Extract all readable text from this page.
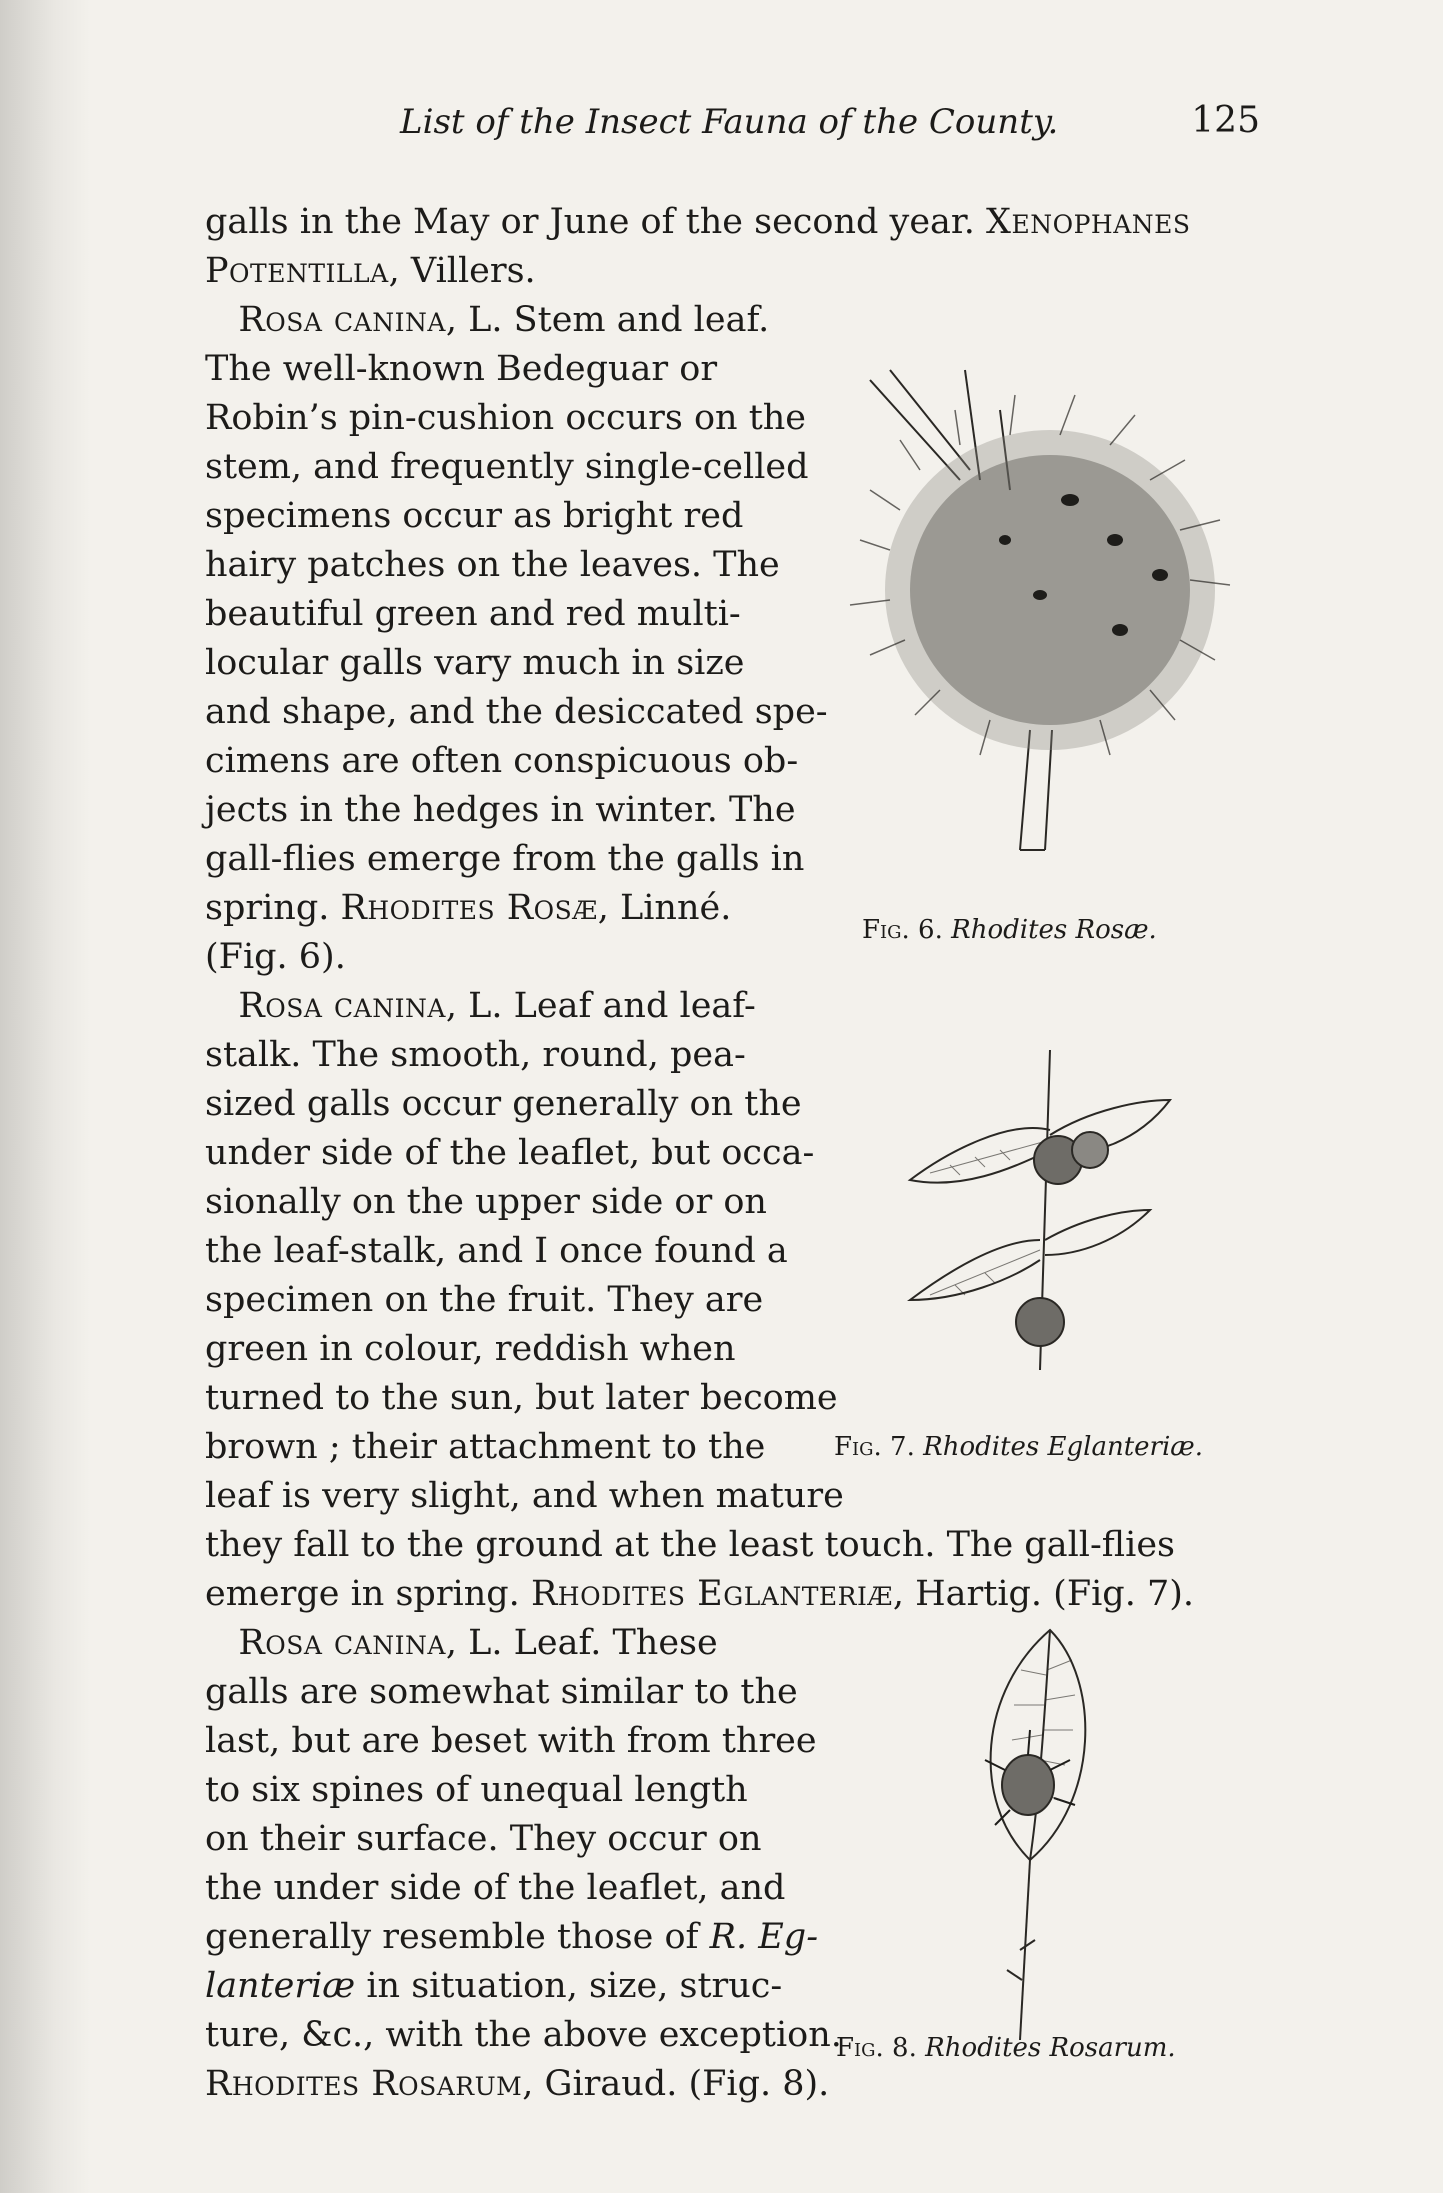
List of the Insect Fauna of the County.	125
galls in the May or June of the second year. Xenophanes
Potentilla, Villers.
Rosa canina, L. Stem and leaf.
The well-known Bedeguar or
Robin’s pin-cushion occurs on the
stem, and frequently single-celled
specimens occur as bright red
hairy patches on the leaves. The
beautiful green and red multi-
locular galls vary much in size
and shape, and the desiccated spe-
cimens are often conspicuous ob-
jects in the hedges in winter. The
gall-flies emerge from the galls in
spring. Rhodites Rosæ, Linné.
(Fig. 6).
Rosa canina, L. Leaf and leaf-
stalk. The smooth, round, pea-
sized galls occur generally on the
under side of the leaflet, but occa-
sionally on the upper side or on
the leaf-stalk, and I once found a
specimen on the fruit. They are
green in colour, reddish when
turned to the sun, but later become
brown ; their attachment to the
leaf is very slight, and when mature
they fall to the ground at the least touch. The gall-flies
emerge in spring. Rhodites Eglanteriæ, Hartig. (Fig. 7).
Rosa canina, L. Leaf. These
galls are somewhat similar to the
last, but are beset with from three
to six spines of unequal length
on their surface. They occur on
the under side of the leaflet, and
generally resemble those of R. Eg-
lanteriæ in situation, size, struc-
ture, &c., with the above exception.
Rhodites Rosarum, Giraud. (Fig. 8).
Fig. 6. Rhodites Rosæ.
Fig. 7. Rhodites Eglanteriæ.
Fig. 8. Rhodites Rosarum.
